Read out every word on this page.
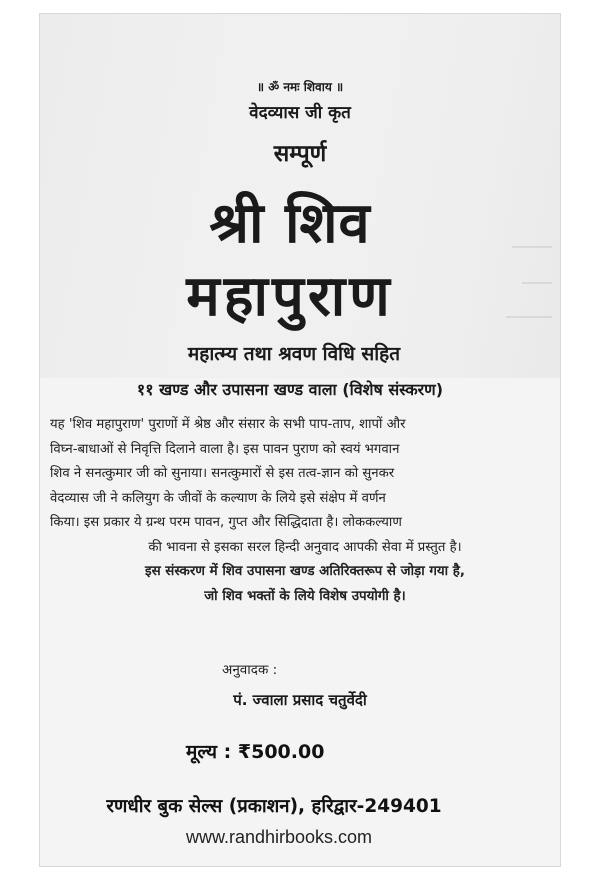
॥ ॐ नमः शिवाय ॥
वेदव्यास जी कृत
सम्पूर्ण
श्री शिव
महापुराण
महात्म्य तथा श्रवण विधि सहित
११ खण्ड और उपासना खण्ड वाला (विशेष संस्करण)

यह 'शिव महापुराण' पुराणों में श्रेष्ठ और संसार के सभी पाप-ताप, शापों और

विघ्न-बाधाओं से निवृत्ति दिलाने वाला है। इस पावन पुराण को स्वयं भगवान

शिव ने सनत्कुमार जी को सुनाया। सनत्कुमारों से इस तत्व-ज्ञान को सुनकर

वेदव्यास जी ने कलियुग के जीवों के कल्याण के लिये इसे संक्षेप में वर्णन

किया। इस प्रकार ये ग्रन्थ परम पावन, गुप्त और सिद्धिदाता है। लोककल्याण

की भावना से इसका सरल हिन्दी अनुवाद आपकी सेवा में प्रस्तुत है।

इस संस्करण में शिव उपासना खण्ड अतिरिक्तरूप से जोड़ा गया है,

जो शिव भक्तों के लिये विशेष उपयोगी है।

अनुवादक :
पं. ज्वाला प्रसाद चतुर्वेदी
मूल्य : ₹500.00
रणधीर बुक सेल्स (प्रकाशन), हरिद्वार-249401
www.randhirbooks.com
